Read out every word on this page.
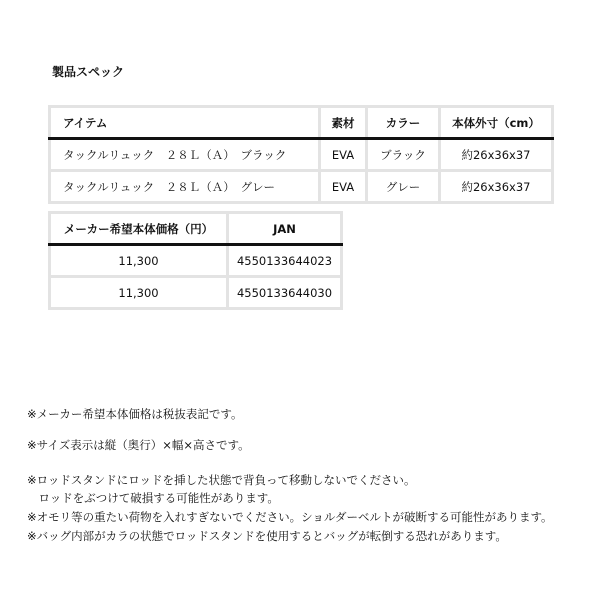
製品スペック
アイテム	素材	カラー	本体外寸（cm）
タックルリュック　２８Ｌ（Ａ）　ブラック	EVA	ブラック	約26x36x37
タックルリュック　２８Ｌ（Ａ）　グレー	EVA	グレー	約26x36x37
メーカー希望本体価格（円）	JAN
11,300	4550133644023
11,300	4550133644030
※メーカー希望本体価格は税抜表記です。
※サイズ表示は縦（奥行）×幅×高さです。
※ロッドスタンドにロッドを挿した状態で背負って移動しないでください。
　ロッドをぶつけて破損する可能性があります。
※オモリ等の重たい荷物を入れすぎないでください。ショルダーベルトが破断する可能性があります。
※バッグ内部がカラの状態でロッドスタンドを使用するとバッグが転倒する恐れがあります。
